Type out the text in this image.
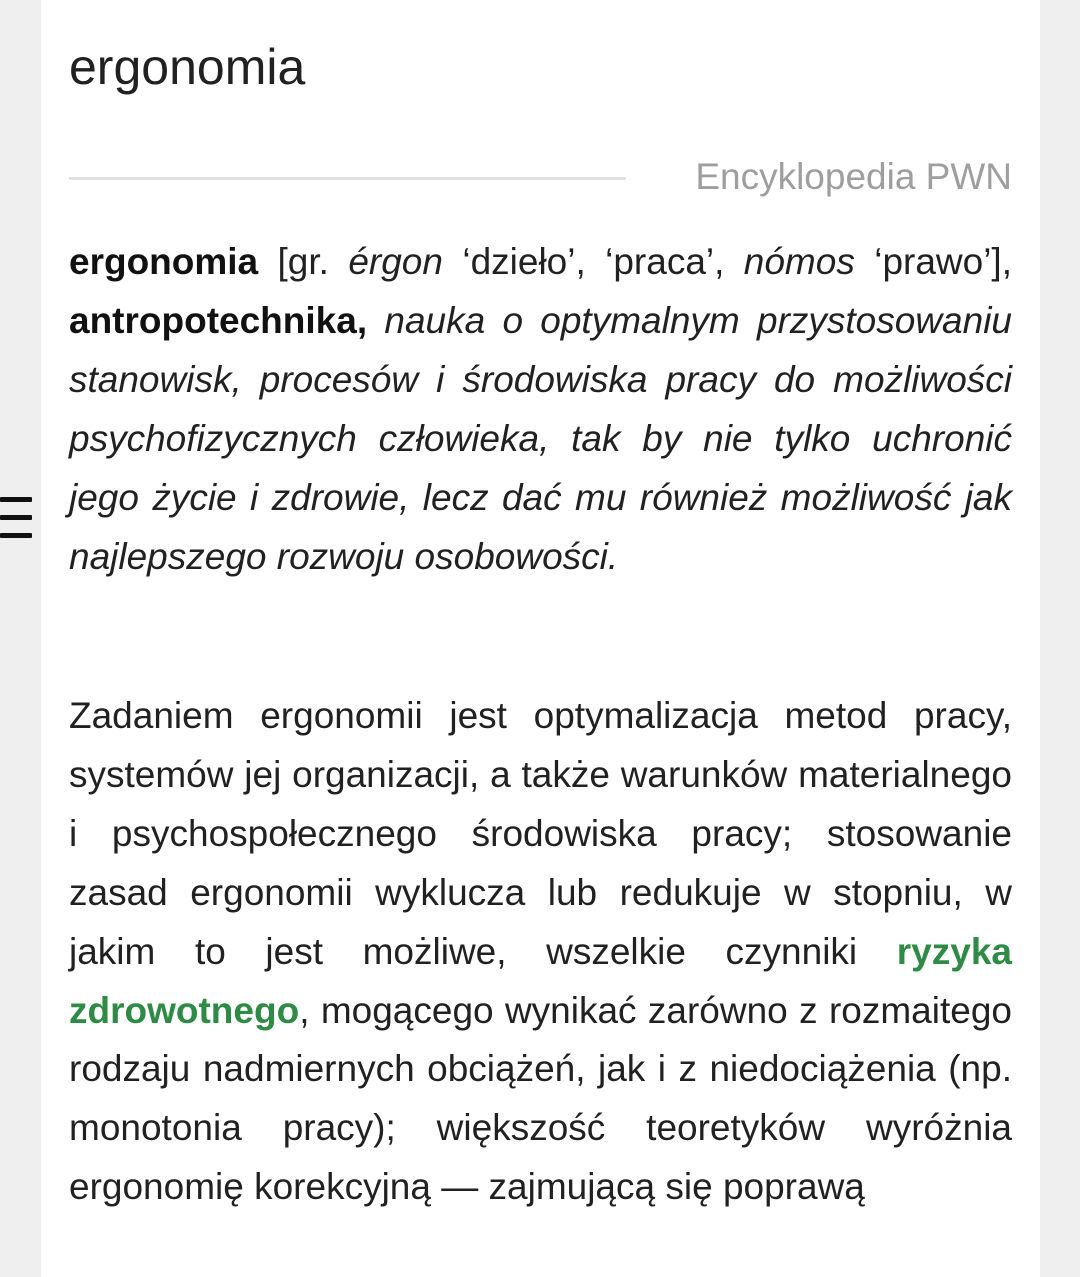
ergonomia
Encyklopedia PWN

ergonomia [gr. érgon ‘dzieło’, ‘praca’, nómos ‘prawo’], antropotechnika, nauka o optymalnym przystosowaniu stanowisk, procesów i środowiska pracy do możliwości psychofizycznych człowieka, tak by nie tylko uchronić jego życie i zdrowie, lecz dać mu również możliwość jak najlepszego rozwoju osobowości.

Zadaniem ergonomii jest optymalizacja metod pracy, systemów jej organizacji, a także warunków materialnego i psychospołecznego środowiska pracy; stosowanie zasad ergonomii wyklucza lub redukuje w stopniu, w jakim to jest możliwe, wszelkie czynniki ryzyka zdrowotnego, mogącego wynikać zarówno z rozmaitego rodzaju nadmiernych obciążeń, jak i z niedociążenia (np. monotonia pracy); większość teoretyków wyróżnia ergonomię korekcyjną — zajmującą się poprawą
